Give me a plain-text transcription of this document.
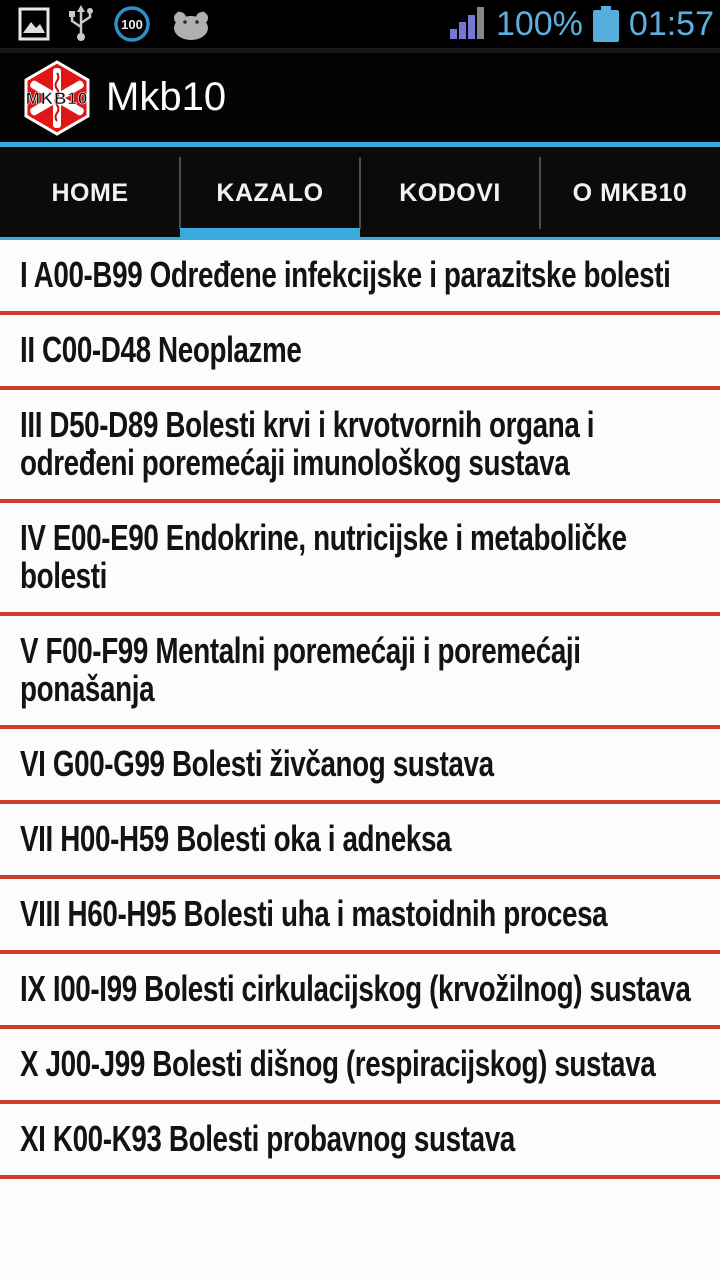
100	100% 01:57
MKB10 Mkb10
HOME	KAZALO	KODOVI	O MKB10
I A00-B99 Određene infekcijske i parazitske bolesti
II C00-D48 Neoplazme
III D50-D89 Bolesti krvi i krvotvornih organa i određeni poremećaji imunološkog sustava
IV E00-E90 Endokrine, nutricijske i metaboličke bolesti
V F00-F99 Mentalni poremećaji i poremećaji ponašanja
VI G00-G99 Bolesti živčanog sustava
VII H00-H59 Bolesti oka i adneksa
VIII H60-H95 Bolesti uha i mastoidnih procesa
IX I00-I99 Bolesti cirkulacijskog (krvožilnog) sustava
X J00-J99 Bolesti dišnog (respiracijskog) sustava
XI K00-K93 Bolesti probavnog sustava
